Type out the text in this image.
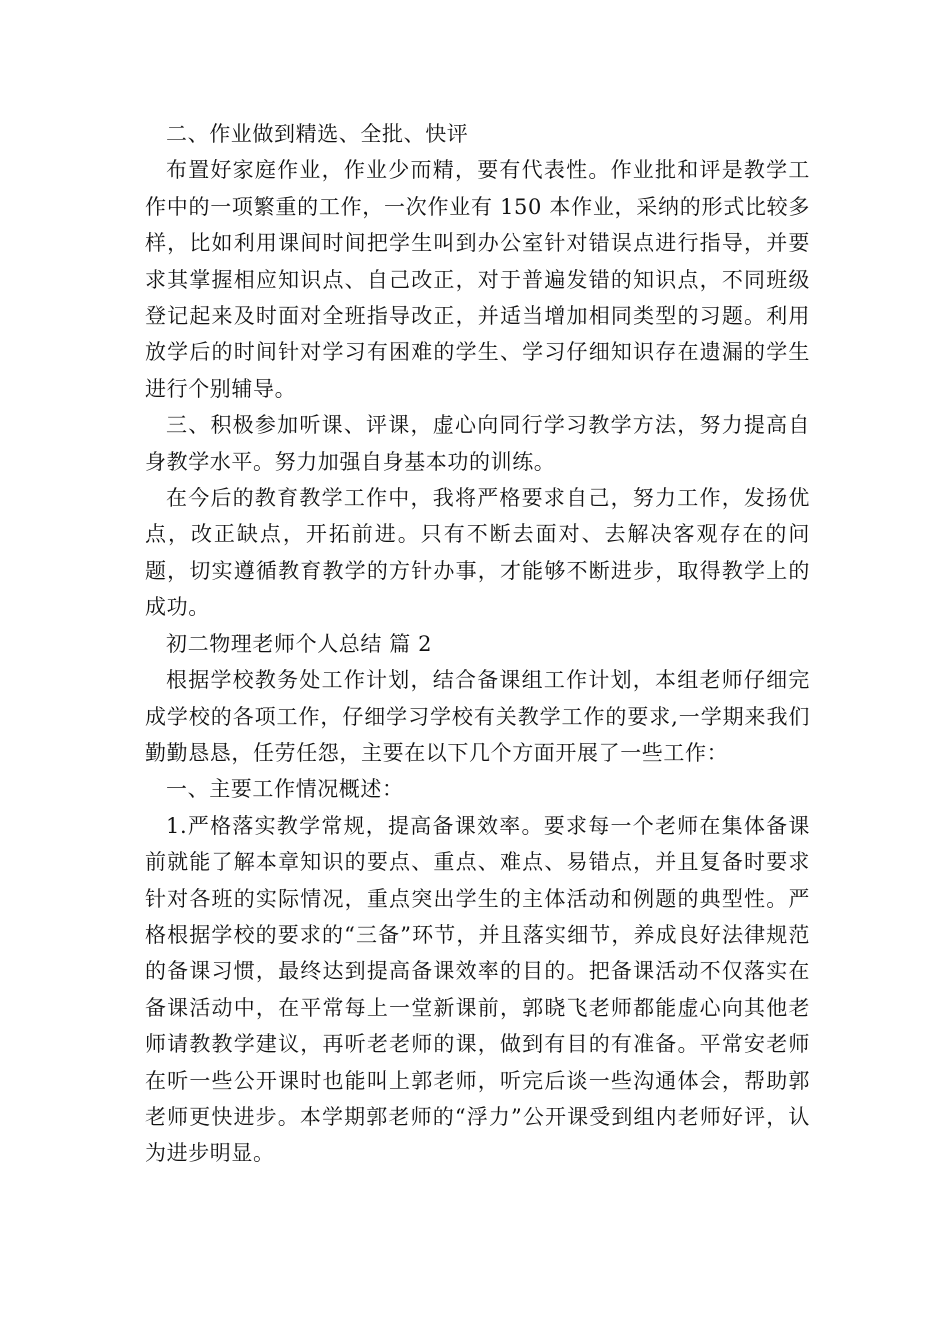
二、作业做到精选、全批、快评

布置好家庭作业，作业少而精，要有代表性。作业批和评是教学工作中的一项繁重的工作，一次作业有 150 本作业，采纳的形式比较多样，比如利用课间时间把学生叫到办公室针对错误点进行指导，并要求其掌握相应知识点、自己改正，对于普遍发错的知识点，不同班级登记起来及时面对全班指导改正，并适当增加相同类型的习题。利用放学后的时间针对学习有困难的学生、学习仔细知识存在遗漏的学生进行个别辅导。

三、积极参加听课、评课，虚心向同行学习教学方法，努力提高自身教学水平。努力加强自身基本功的训练。

在今后的教育教学工作中，我将严格要求自己，努力工作，发扬优点，改正缺点，开拓前进。只有不断去面对、去解决客观存在的问题，切实遵循教育教学的方针办事，才能够不断进步，取得教学上的成功。

初二物理老师个人总结 篇 2

根据学校教务处工作计划，结合备课组工作计划，本组老师仔细完成学校的各项工作，仔细学习学校有关教学工作的要求,一学期来我们勤勤恳恳，任劳任怨，主要在以下几个方面开展了一些工作：

一、主要工作情况概述：

1.严格落实教学常规，提高备课效率。要求每一个老师在集体备课前就能了解本章知识的要点、重点、难点、易错点，并且复备时要求针对各班的实际情况，重点突出学生的主体活动和例题的典型性。严格根据学校的要求的“三备”环节，并且落实细节，养成良好法律规范的备课习惯，最终达到提高备课效率的目的。把备课活动不仅落实在备课活动中，在平常每上一堂新课前，郭晓飞老师都能虚心向其他老师请教教学建议，再听老老师的课，做到有目的有准备。平常安老师在听一些公开课时也能叫上郭老师，听完后谈一些沟通体会，帮助郭老师更快进步。本学期郭老师的“浮力”公开课受到组内老师好评，认为进步明显。
